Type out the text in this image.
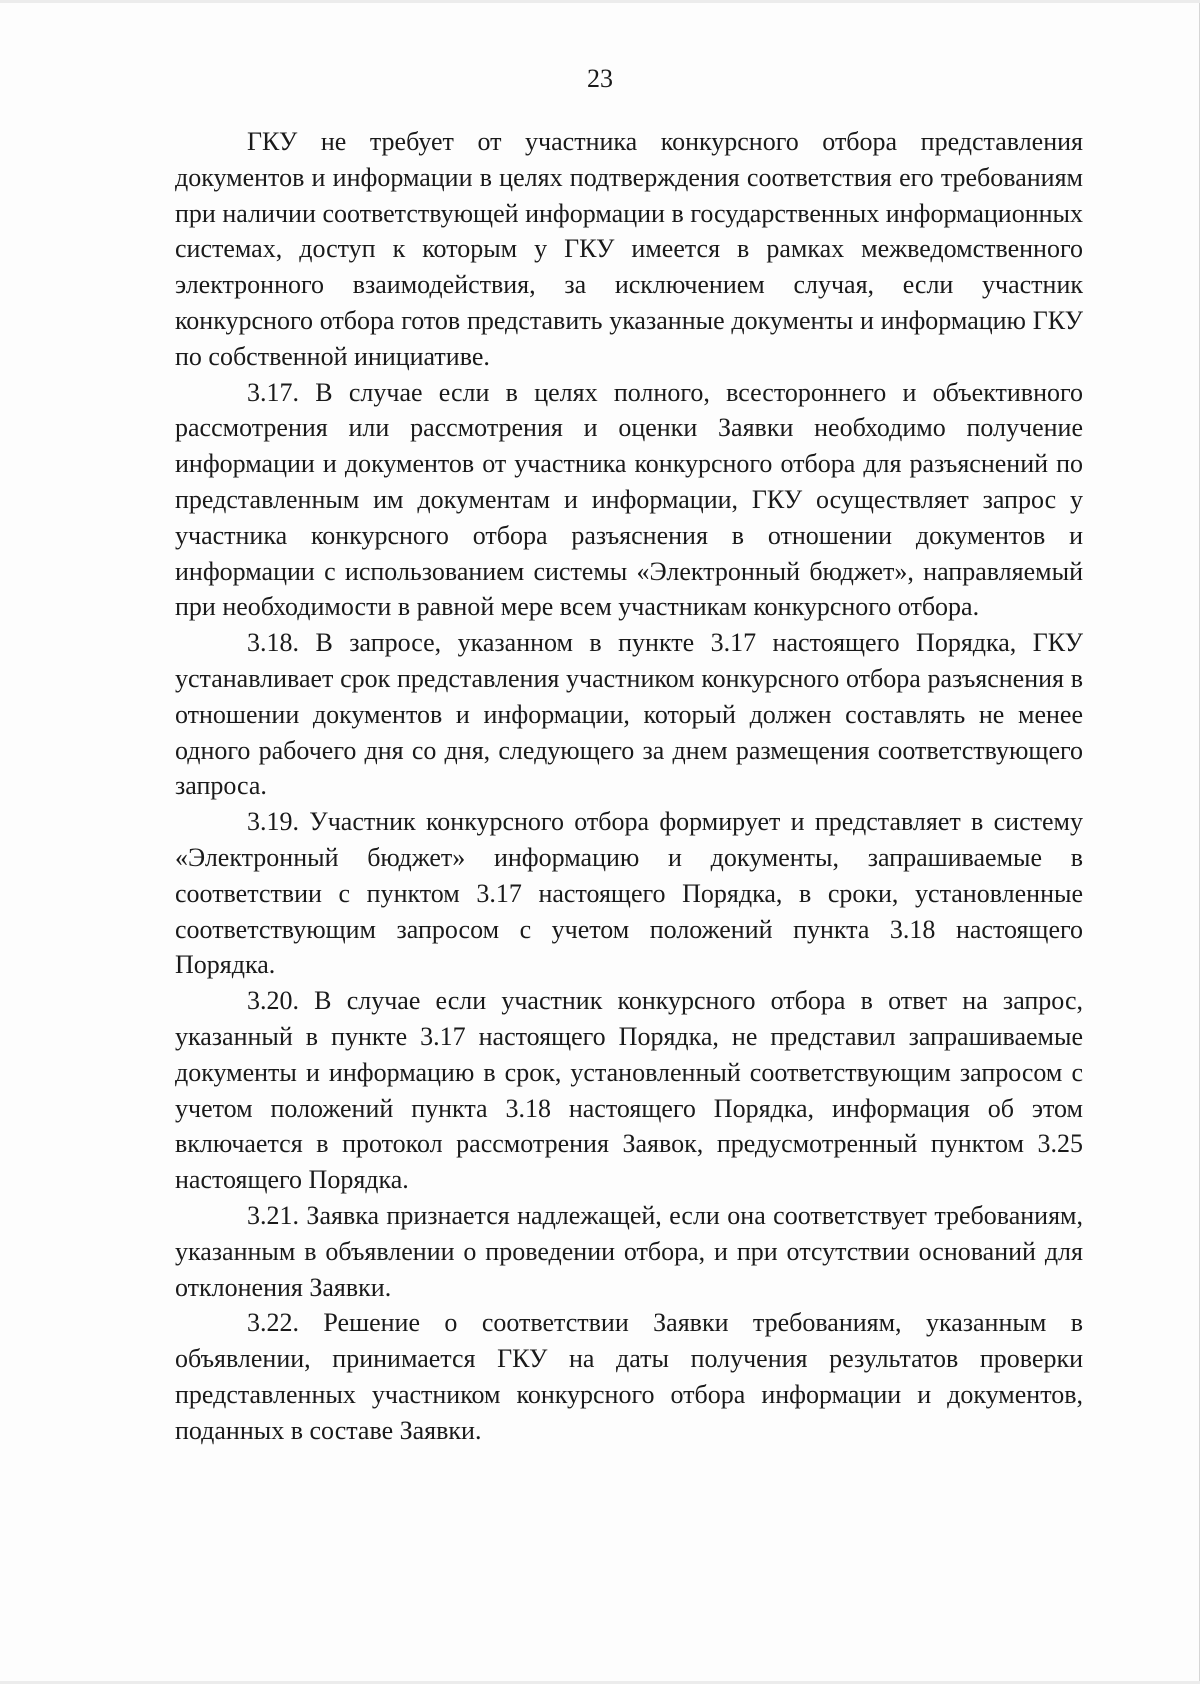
23

ГКУ не требует от участника конкурсного отбора представления документов и информации в целях подтверждения соответствия его требованиям при наличии соответствующей информации в государственных информационных системах, доступ к которым у ГКУ имеется в рамках межведомственного электронного взаимодействия, за исключением случая, если участник конкурсного отбора готов представить указанные документы и информацию ГКУ по собственной инициативе.

3.17. В случае если в целях полного, всестороннего и объективного рассмотрения или рассмотрения и оценки Заявки необходимо получение информации и документов от участника конкурсного отбора для разъяснений по представленным им документам и информации, ГКУ осуществляет запрос у участника конкурсного отбора разъяснения в отношении документов и информации с использованием системы «Электронный бюджет», направляемый при необходимости в равной мере всем участникам конкурсного отбора.

3.18. В запросе, указанном в пункте 3.17 настоящего Порядка, ГКУ устанавливает срок представления участником конкурсного отбора разъяснения в отношении документов и информации, который должен составлять не менее одного рабочего дня со дня, следующего за днем размещения соответствующего запроса.

3.19. Участник конкурсного отбора формирует и представляет в систему «Электронный бюджет» информацию и документы, запрашиваемые в соответствии с пунктом 3.17 настоящего Порядка, в сроки, установленные соответствующим запросом с учетом положений пункта 3.18 настоящего Порядка.

3.20. В случае если участник конкурсного отбора в ответ на запрос, указанный в пункте 3.17 настоящего Порядка, не представил запрашиваемые документы и информацию в срок, установленный соответствующим запросом с учетом положений пункта 3.18 настоящего Порядка, информация об этом включается в протокол рассмотрения Заявок, предусмотренный пунктом 3.25 настоящего Порядка.

3.21. Заявка признается надлежащей, если она соответствует требованиям, указанным в объявлении о проведении отбора, и при отсутствии оснований для отклонения Заявки.

3.22. Решение о соответствии Заявки требованиям, указанным в объявлении, принимается ГКУ на даты получения результатов проверки представленных участником конкурсного отбора информации и документов, поданных в составе Заявки.
